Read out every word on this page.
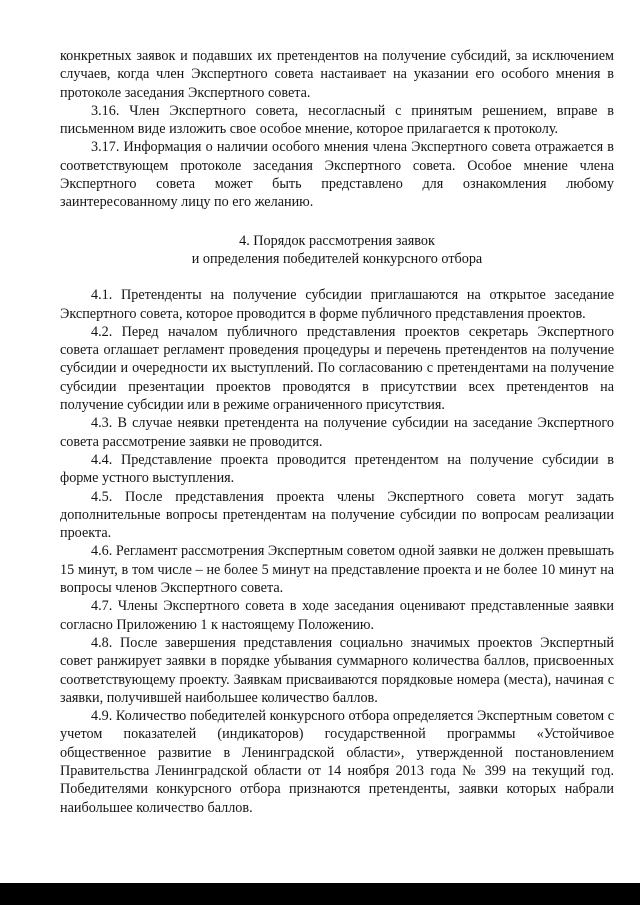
конкретных заявок и подавших их претендентов на получение субсидий, за исключением случаев, когда член Экспертного совета настаивает на указании его особого мнения в протоколе заседания Экспертного совета.

3.16. Член Экспертного совета, несогласный с принятым решением, вправе в письменном виде изложить свое особое мнение, которое прилагается к протоколу.

3.17. Информация о наличии особого мнения члена Экспертного совета отражается в соответствующем протоколе заседания Экспертного совета. Особое мнение члена Экспертного совета может быть представлено для ознакомления любому заинтересованному лицу по его желанию.

4. Порядок рассмотрения заявок
и определения победителей конкурсного отбора

4.1. Претенденты на получение субсидии приглашаются на открытое заседание Экспертного совета, которое проводится в форме публичного представления проектов.

4.2. Перед началом публичного представления проектов секретарь Экспертного совета оглашает регламент проведения процедуры и перечень претендентов на получение субсидии и очередности их выступлений. По согласованию с претендентами на получение субсидии презентации проектов проводятся в присутствии всех претендентов на получение субсидии или в режиме ограниченного присутствия.

4.3. В случае неявки претендента на получение субсидии на заседание Экспертного совета рассмотрение заявки не проводится.

4.4. Представление проекта проводится претендентом на получение субсидии в форме устного выступления.

4.5. После представления проекта члены Экспертного совета могут задать дополнительные вопросы претендентам на получение субсидии по вопросам реализации проекта.

4.6. Регламент рассмотрения Экспертным советом одной заявки не должен превышать 15 минут, в том числе – не более 5 минут на представление проекта и не более 10 минут на вопросы членов Экспертного совета.

4.7. Члены Экспертного совета в ходе заседания оценивают представленные заявки согласно Приложению 1 к настоящему Положению.

4.8. После завершения представления социально значимых проектов Экспертный совет ранжирует заявки в порядке убывания суммарного количества баллов, присвоенных соответствующему проекту. Заявкам присваиваются порядковые номера (места), начиная с заявки, получившей наибольшее количество баллов.

4.9. Количество победителей конкурсного отбора определяется Экспертным советом с учетом показателей (индикаторов) государственной программы «Устойчивое общественное развитие в Ленинградской области», утвержденной постановлением Правительства Ленинградской области от 14 ноября 2013 года № 399 на текущий год. Победителями конкурсного отбора признаются претенденты, заявки которых набрали наибольшее количество баллов.
